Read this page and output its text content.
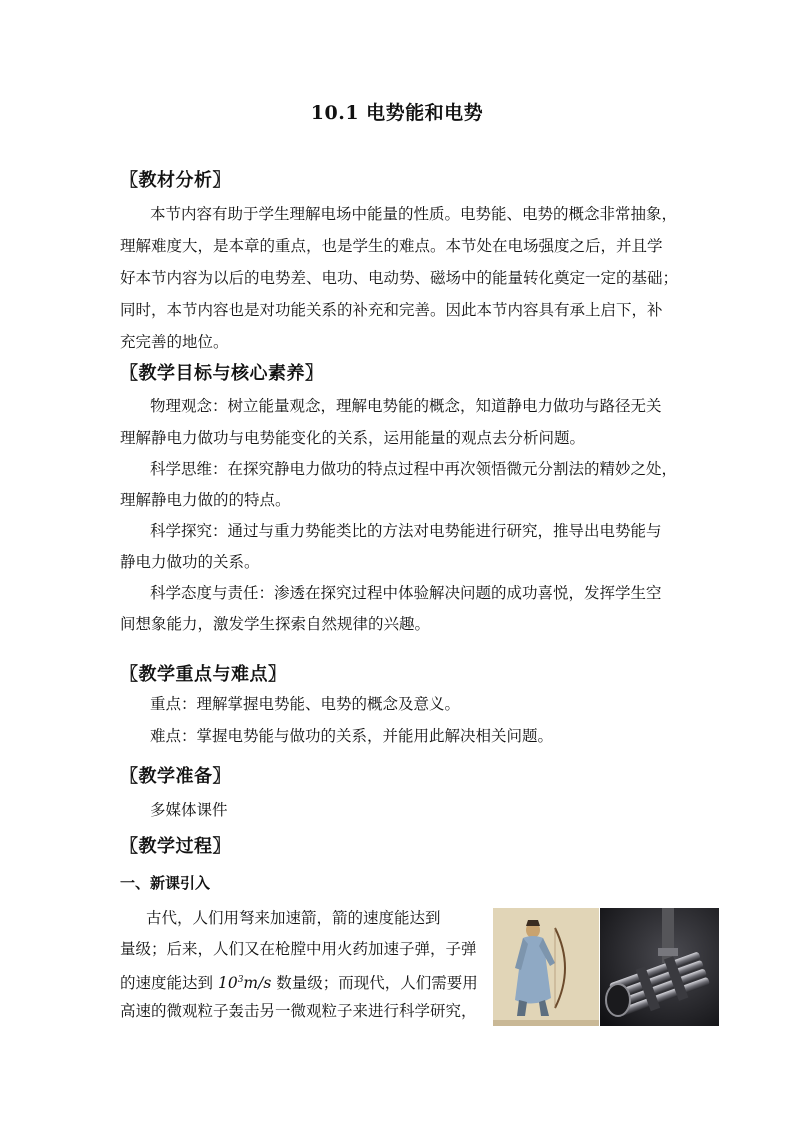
10.1 电势能和电势
〖教材分析〗
本节内容有助于学生理解电场中能量的性质。电势能、电势的概念非常抽象，
理解难度大，是本章的重点，也是学生的难点。本节处在电场强度之后，并且学
好本节内容为以后的电势差、电功、电动势、磁场中的能量转化奠定一定的基础；
同时，本节内容也是对功能关系的补充和完善。因此本节内容具有承上启下，补
充完善的地位。
〖教学目标与核心素养〗
物理观念：树立能量观念，理解电势能的概念，知道静电力做功与路径无关
理解静电力做功与电势能变化的关系，运用能量的观点去分析问题。
科学思维：在探究静电力做功的特点过程中再次领悟微元分割法的精妙之处，
理解静电力做的的特点。
科学探究：通过与重力势能类比的方法对电势能进行研究，推导出电势能与
静电力做功的关系。
科学态度与责任：渗透在探究过程中体验解决问题的成功喜悦，发挥学生空
间想象能力，激发学生探索自然规律的兴趣。
〖教学重点与难点〗
重点：理解掌握电势能、电势的概念及意义。
难点：掌握电势能与做功的关系，并能用此解决相关问题。
〖教学准备〗
多媒体课件
〖教学过程〗
一、新课引入
古代，人们用弩来加速箭，箭的速度能达到
量级；后来，人们又在枪膛中用火药加速子弹，子弹
的速度能达到 $10^3m/s$ 数量级；而现代，人们需要用
高速的微观粒子轰击另一微观粒子来进行科学研究，
